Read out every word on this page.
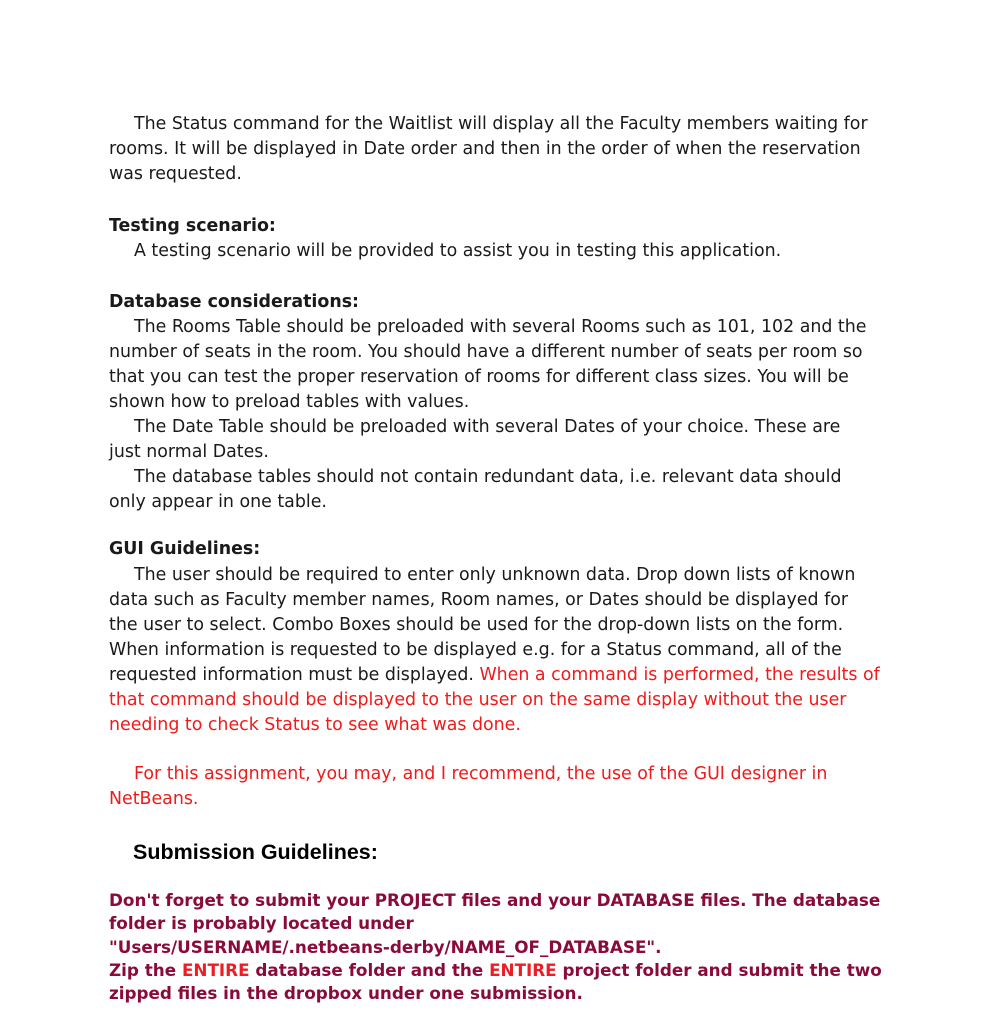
The Status command for the Waitlist will display all the Faculty members waiting for
rooms. It will be displayed in Date order and then in the order of when the reservation
was requested.

Testing scenario:

A testing scenario will be provided to assist you in testing this application.

Database considerations:

The Rooms Table should be preloaded with several Rooms such as 101, 102 and the
number of seats in the room. You should have a different number of seats per room so
that you can test the proper reservation of rooms for different class sizes. You will be
shown how to preload tables with values.
The Date Table should be preloaded with several Dates of your choice. These are
just normal Dates.
The database tables should not contain redundant data, i.e. relevant data should
only appear in one table.

GUI Guidelines:

The user should be required to enter only unknown data. Drop down lists of known
data such as Faculty member names, Room names, or Dates should be displayed for
the user to select. Combo Boxes should be used for the drop-down lists on the form.
When information is requested to be displayed e.g. for a Status command, all of the
requested information must be displayed. When a command is performed, the results of
that command should be displayed to the user on the same display without the user
needing to check Status to see what was done.

For this assignment, you may, and I recommend, the use of the GUI designer in
NetBeans.

Submission Guidelines:

Don't forget to submit your PROJECT files and your DATABASE files. The database
folder is probably located under
"Users/USERNAME/.netbeans-derby/NAME_OF_DATABASE".
Zip the ENTIRE database folder and the ENTIRE project folder and submit the two
zipped files in the dropbox under one submission.
